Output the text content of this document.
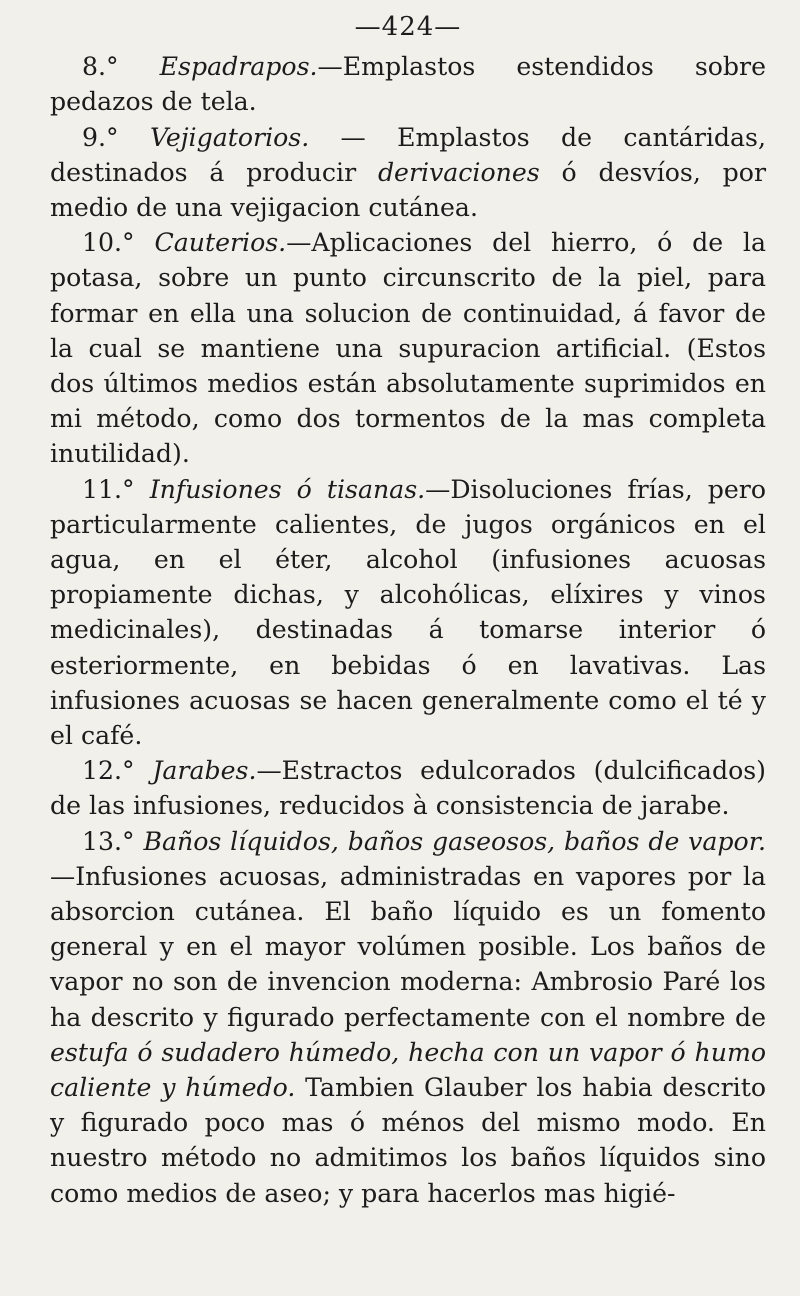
—424—

8.° Espadrapos.—Emplastos estendidos sobre pedazos de tela.

9.° Vejigatorios. — Emplastos de cantáridas, destinados á producir derivaciones ó desvíos, por medio de una vejigacion cutánea.

10.° Cauterios.—Aplicaciones del hierro, ó de la potasa, sobre un punto circunscrito de la piel, para formar en ella una solucion de continuidad, á favor de la cual se mantiene una supuracion artificial. (Estos dos últimos medios están absolutamente suprimidos en mi método, como dos tormentos de la mas completa inutilidad).

11.° Infusiones ó tisanas.—Disoluciones frías, pero particularmente calientes, de jugos orgánicos en el agua, en el éter, alcohol (infusiones acuosas propiamente dichas, y alcohólicas, elíxires y vinos medicinales), destinadas á tomarse interior ó esteriormente, en bebidas ó en lavativas. Las infusiones acuosas se hacen generalmente como el té y el café.

12.° Jarabes.—Estractos edulcorados (dulcificados) de las infusiones, reducidos à consistencia de jarabe.

13.° Baños líquidos, baños gaseosos, baños de vapor.—Infusiones acuosas, administradas en vapores por la absorcion cutánea. El baño líquido es un fomento general y en el mayor volúmen posible. Los baños de vapor no son de invencion moderna: Ambrosio Paré los ha descrito y figurado perfectamente con el nombre de estufa ó sudadero húmedo, hecha con un vapor ó humo caliente y húmedo. Tambien Glauber los habia descrito y figurado poco mas ó ménos del mismo modo. En nuestro método no admitimos los baños líquidos sino como medios de aseo; y para hacerlos mas higié-
